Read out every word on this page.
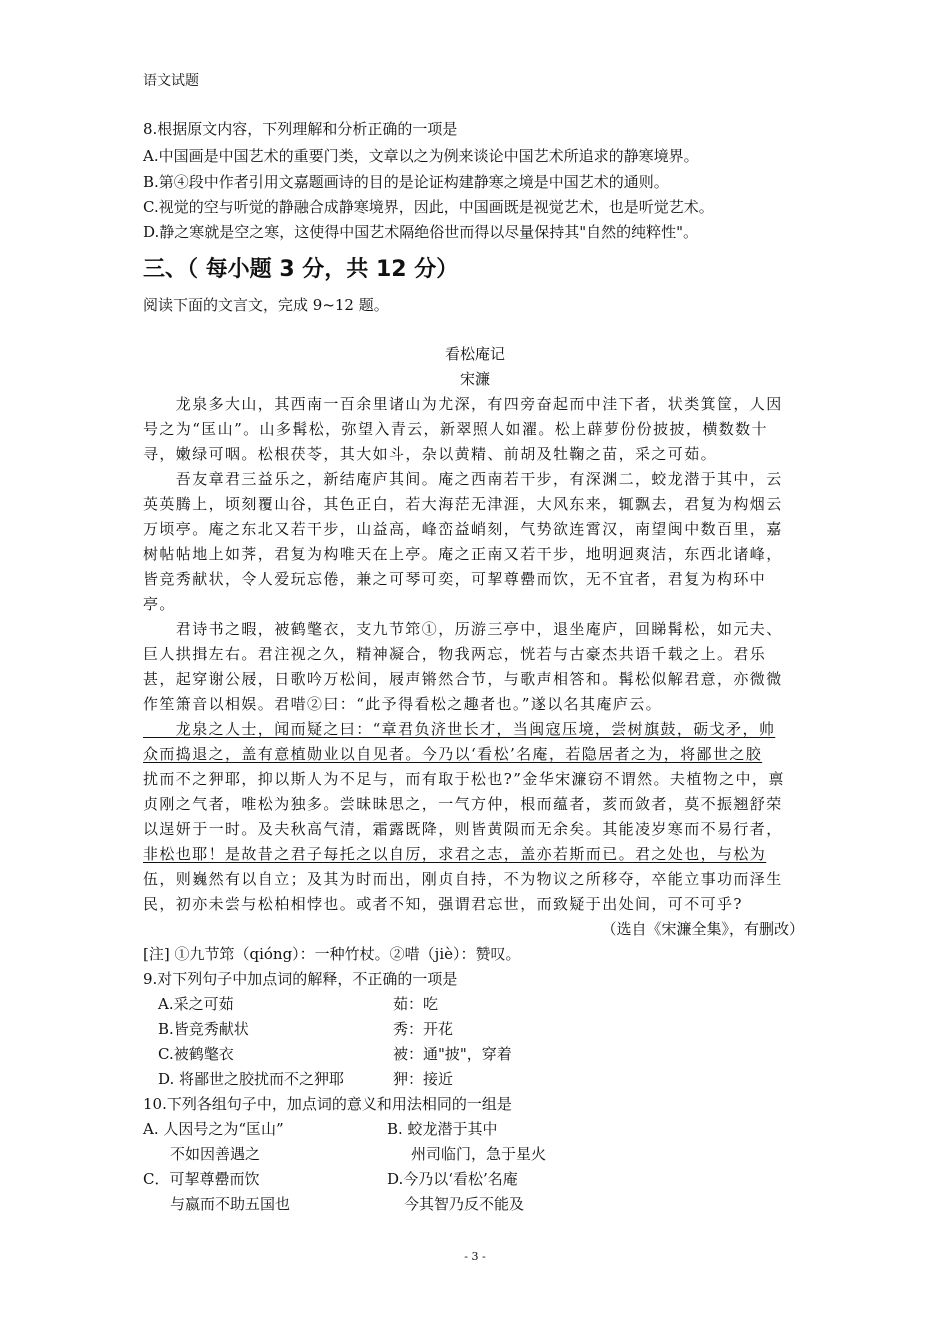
语文试题
8.根据原文内容，下列理解和分析正确的一项是
A.中国画是中国艺术的重要门类，文章以之为例来谈论中国艺术所追求的静寒境界。
B.第④段中作者引用文嘉题画诗的目的是论证构建静寒之境是中国艺术的通则。
C.视觉的空与听觉的静融合成静寒境界，因此，中国画既是视觉艺术，也是听觉艺术。
D.静之寒就是空之寒，这使得中国艺术隔绝俗世而得以尽量保持其"自然的纯粹性"。
三、（ 每小题 3 分，共 12 分）
阅读下面的文言文，完成 9~12 题。
看松庵记
宋濂
　　龙泉多大山，其西南一百余里诸山为尤深，有四旁奋起而中洼下者，状类箕筐，人因
号之为“匡山”。山多髯松，弥望入青云，新翠照人如濯。松上薜萝份份披披，横数数十
寻，嫩绿可咽。松根茯苓，其大如斗，杂以黄精、前胡及牡鞠之苗，采之可茹。
　　吾友章君三益乐之，新结庵庐其间。庵之西南若干步，有深渊二，蛟龙潜于其中，云
英英腾上，顷刻覆山谷，其色正白，若大海茫无津涯，大风东来，辄飘去，君复为构烟云
万顷亭。庵之东北又若干步，山益高，峰峦益峭刻，气势欲连霄汉，南望闽中数百里，嘉
树帖帖地上如荠，君复为构唯天在上亭。庵之正南又若干步，地明迥爽洁，东西北诸峰，
皆竞秀献状，令人爱玩忘倦，兼之可琴可奕，可挈尊罍而饮，无不宜者，君复为构环中
亭。
　　君诗书之暇，被鹤氅衣，支九节筇①，历游三亭中，退坐庵庐，回睇髯松，如元夫、
巨人拱揖左右。君注视之久，精神凝合，物我两忘，恍若与古豪杰共语千载之上。君乐
甚，起穿谢公屐，日歌吟万松间，屐声锵然合节，与歌声相答和。髯松似解君意，亦微微
作笙箫音以相娱。君唶②曰：“此予得看松之趣者也。”遂以名其庵庐云。
　　龙泉之人士，闻而疑之曰：“章君负济世长才，当闽寇压境，尝树旗鼓，砺戈矛，帅
众而捣退之，盖有意植勋业以自见者。今乃以‘看松’名庵，若隐居者之为，将鄙世之胶
扰而不之狎耶，抑以斯人为不足与，而有取于松也?”金华宋濂窃不谓然。夫植物之中，禀
贞刚之气者，唯松为独多。尝昧昧思之，一气方仲，根而蕴者，荄而敛者，莫不振翘舒荣
以逞妍于一时。及夫秋高气清，霜露既降，则皆黄陨而无余矣。其能凌岁寒而不易行者，
非松也耶！是故昔之君子每托之以自厉，求君之志，盖亦若斯而已。君之处也，与松为
伍，则巍然有以自立；及其为时而出，刚贞自持，不为物议之所移夺，卒能立事功而泽生
民，初亦未尝与松柏相悖也。或者不知，强谓君忘世，而致疑于出处间，可不可乎?
（选自《宋濂全集》，有删改）
[注] ①九节筇（qióng）：一种竹杖。②唶（jiè）：赞叹。
9.对下列句子中加点词的解释，不正确的一项是
A.采之可茹	茹：吃
B.皆竞秀献状	秀：开花
C.被鹤氅衣	被：通"披"，穿着
D. 将鄙世之胶扰而不之狎耶	狎：接近
10.下列各组句子中，加点词的意义和用法相同的一组是
A. 人因号之为“匡山”	B. 蛟龙潜于其中
不如因善遇之	州司临门，急于星火
C．可挈尊罍而饮	D.今乃以‘看松’名庵
与嬴而不助五国也	今其智乃反不能及
- 3 -
